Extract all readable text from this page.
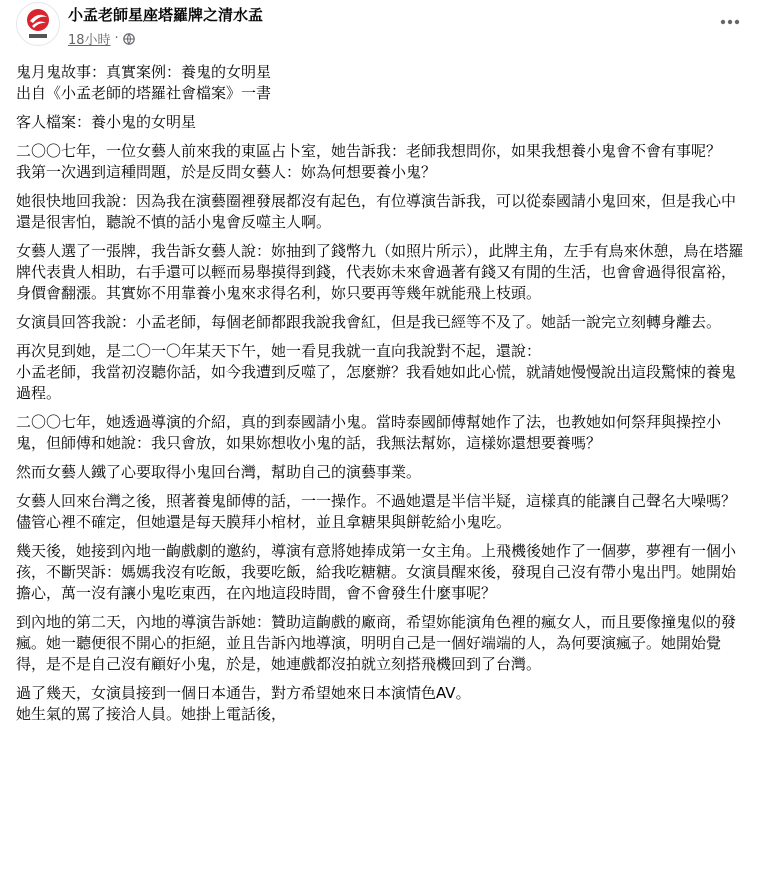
小孟老師星座塔羅牌之清水孟
18小時 ·

鬼月鬼故事：真實案例：養鬼的女明星
出自《小孟老師的塔羅社會檔案》一書

客人檔案：養小鬼的女明星

二〇〇七年，一位女藝人前來我的東區占卜室，她告訴我：老師我想問你，如果我想養小鬼會不會有事呢？
我第一次遇到這種問題，於是反問女藝人：妳為何想要養小鬼？

她很快地回我說：因為我在演藝圈裡發展都沒有起色，有位導演告訴我，可以從泰國請小鬼回來，但是我心中還是很害怕，聽說不慎的話小鬼會反噬主人啊。

女藝人選了一張牌，我告訴女藝人說：妳抽到了錢幣九（如照片所示），此牌主角，左手有鳥來休憩，鳥在塔羅牌代表貴人相助，右手還可以輕而易舉摸得到錢，代表妳未來會過著有錢又有閒的生活，也會會過得很富裕，身價會翻漲。其實妳不用靠養小鬼來求得名利，妳只要再等幾年就能飛上枝頭。

女演員回答我說：小孟老師，每個老師都跟我說我會紅，但是我已經等不及了。她話一說完立刻轉身離去。

再次見到她，是二〇一〇年某天下午，她一看見我就一直向我說對不起，還說：
小孟老師，我當初沒聽你話，如今我遭到反噬了，怎麼辦？我看她如此心慌，就請她慢慢說出這段驚悚的養鬼過程。

二〇〇七年，她透過導演的介紹，真的到泰國請小鬼。當時泰國師傅幫她作了法，也教她如何祭拜與操控小鬼，但師傅和她說：我只會放，如果妳想收小鬼的話，我無法幫妳，這樣妳還想要養嗎？

然而女藝人鐵了心要取得小鬼回台灣，幫助自己的演藝事業。

女藝人回來台灣之後，照著養鬼師傅的話，一一操作。不過她還是半信半疑，這樣真的能讓自己聲名大噪嗎？
儘管心裡不確定，但她還是每天膜拜小棺材，並且拿糖果與餅乾給小鬼吃。

幾天後，她接到內地一齣戲劇的邀約，導演有意將她捧成第一女主角。上飛機後她作了一個夢，夢裡有一個小孩，不斷哭訴：媽媽我沒有吃飯，我要吃飯，給我吃糖糖。女演員醒來後，發現自己沒有帶小鬼出門。她開始擔心，萬一沒有讓小鬼吃東西，在內地這段時間，會不會發生什麼事呢？

到內地的第二天，內地的導演告訴她：贊助這齣戲的廠商，希望妳能演角色裡的瘋女人，而且要像撞鬼似的發瘋。她一聽便很不開心的拒絕，並且告訴內地導演，明明自己是一個好端端的人，為何要演瘋子。她開始覺得，是不是自己沒有顧好小鬼，於是，她連戲都沒拍就立刻搭飛機回到了台灣。

過了幾天，女演員接到一個日本通告，對方希望她來日本演情色AV。
她生氣的罵了接洽人員。她掛上電話後，
